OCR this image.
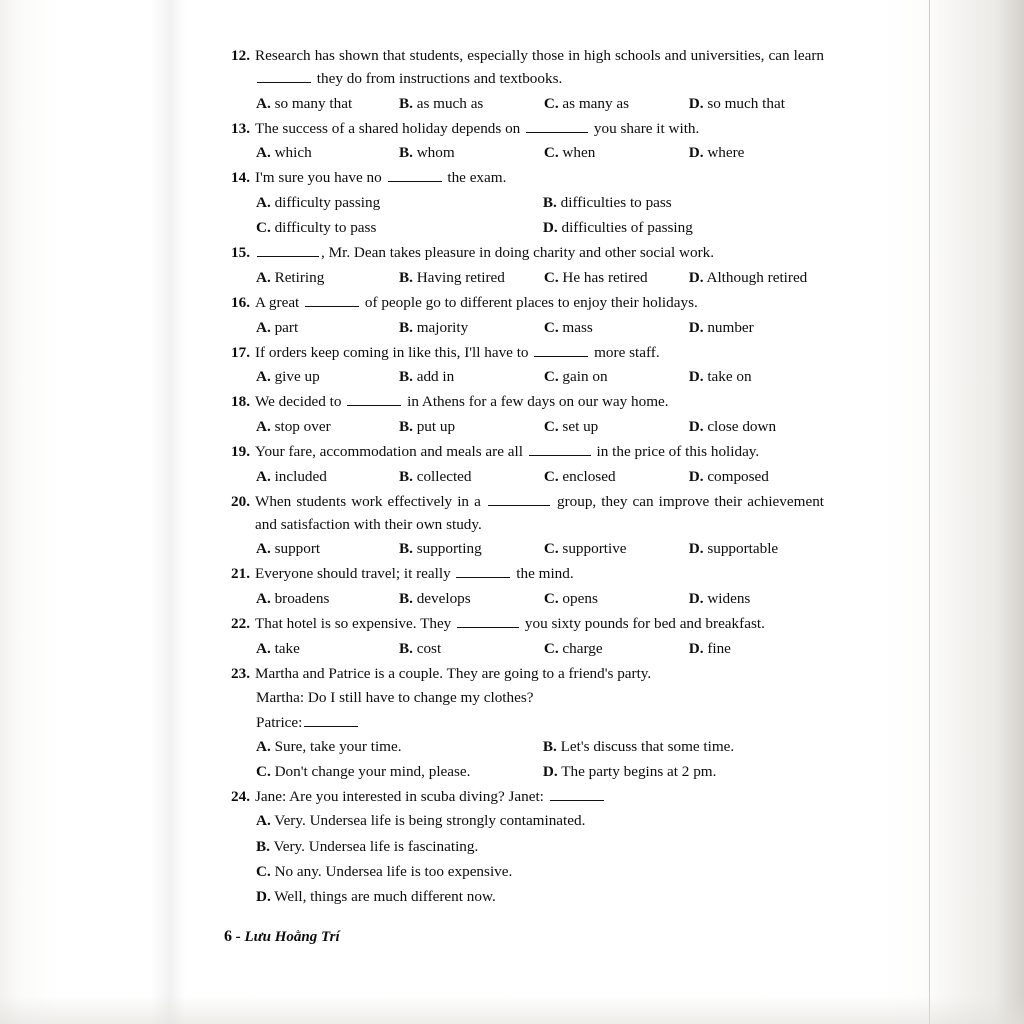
12. Research has shown that students, especially those in high schools and universities, can learn  they do from instructions and textbooks.
A. so many that	B. as much as	C. as many as	D. so much that
13. The success of a shared holiday depends on	you share it with.
A. which	B. whom	C. when	D. where
14. I'm sure you have no	the exam.
A. difficulty passing	B. difficulties to pass
C. difficulty to pass	D. difficulties of passing
15.	, Mr. Dean takes pleasure in doing charity and other social work.
A. Retiring	B. Having retired	C. He has retired	D. Although retired
16. A great	of people go to different places to enjoy their holidays.
A. part	B. majority	C. mass	D. number
17. If orders keep coming in like this, I'll have to	more staff.
A. give up	B. add in	C. gain on	D. take on
18. We decided to	in Athens for a few days on our way home.
A. stop over	B. put up	C. set up	D. close down
19. Your fare, accommodation and meals are all	in the price of this holiday.
A. included	B. collected	C. enclosed	D. composed
20. When students work effectively in a	group, they can improve their achievement and satisfaction with their own study.
A. support	B. supporting	C. supportive	D. supportable
21. Everyone should travel; it really	the mind.
A. broadens	B. develops	C. opens	D. widens
22. That hotel is so expensive. They	you sixty pounds for bed and breakfast.
A. take	B. cost	C. charge	D. fine
23. Martha and Patrice is a couple. They are going to a friend's party.
Martha: Do I still have to change my clothes?
Patrice:
A. Sure, take your time.	B. Let's discuss that some time.
C. Don't change your mind, please.	D. The party begins at 2 pm.
24. Jane: Are you interested in scuba diving? Janet:
A. Very. Undersea life is being strongly contaminated.
B. Very. Undersea life is fascinating.
C. No any. Undersea life is too expensive.
D. Well, things are much different now.
6 - Lưu Hoằng Trí
